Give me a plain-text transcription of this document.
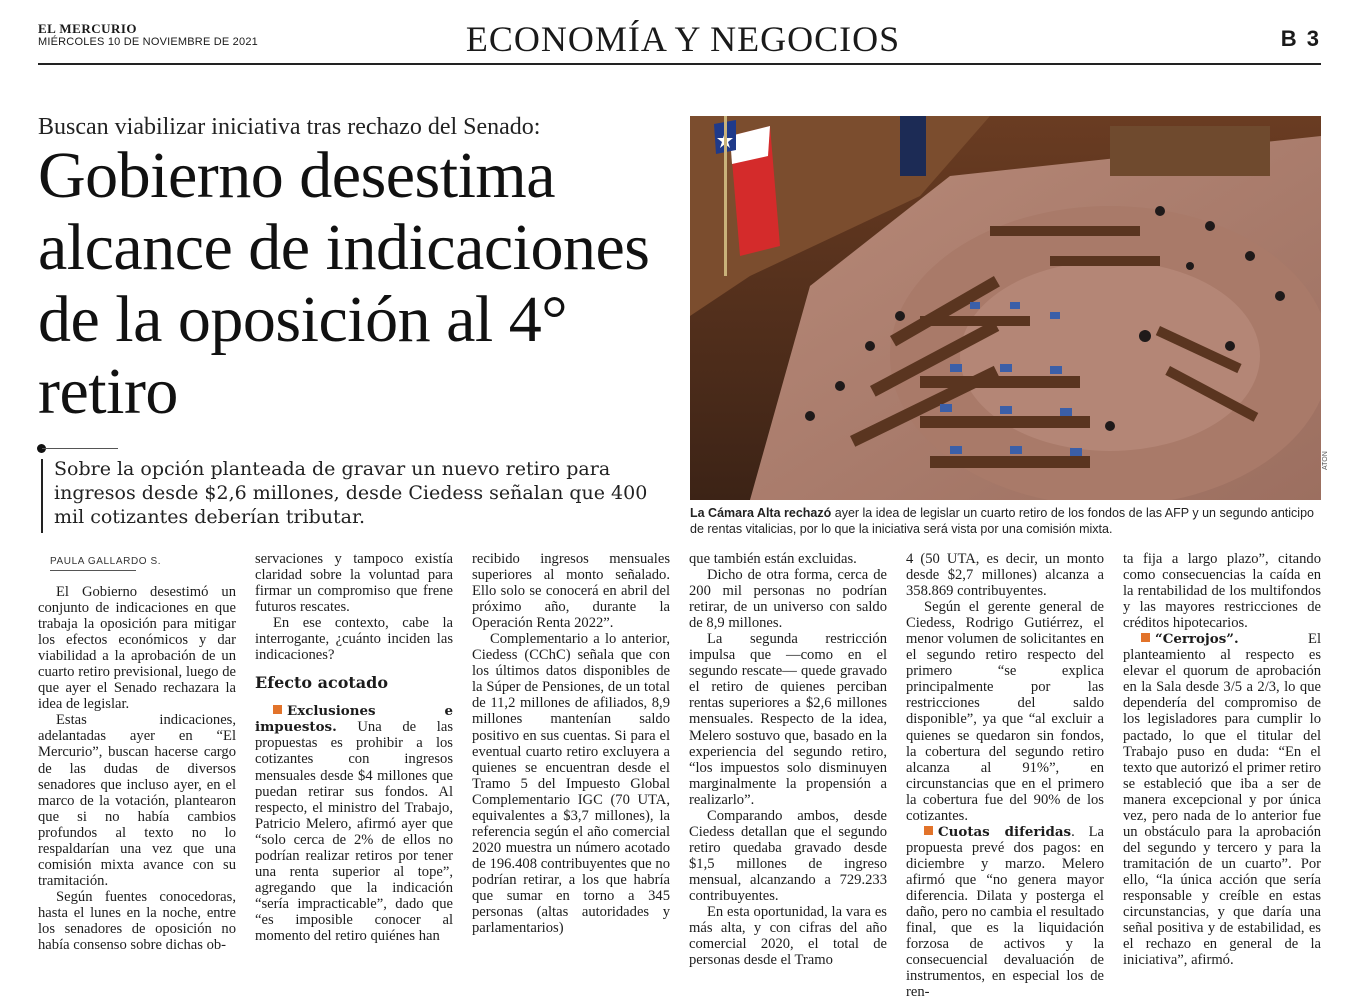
EL MERCURIO
MIÉRCOLES 10 DE NOVIEMBRE DE 2021	ECONOMÍA Y NEGOCIOS	B 3
Buscan viabilizar iniciativa tras rechazo del Senado:
Gobierno desestima alcance de indicaciones de la oposición al 4° retiro
Sobre la opción planteada de gravar un nuevo retiro para ingresos desde $2,6 millones, desde Ciedess señalan que 400 mil cotizantes deberían tributar.
ATON
La Cámara Alta rechazó ayer la idea de legislar un cuarto retiro de los fondos de las AFP y un segundo anticipo de rentas vitalicias, por lo que la iniciativa será vista por una comisión mixta.
PAULA GALLARDO S.

El Gobierno desestimó un conjunto de indicaciones en que trabaja la oposición para mitigar los efectos económicos y dar viabilidad a la aprobación de un cuarto retiro previsional, luego de que ayer el Senado rechazara la idea de legislar.

Estas indicaciones, adelantadas ayer en “El Mercurio”, buscan hacerse cargo de las dudas de diversos senadores que incluso ayer, en el marco de la votación, plantearon que si no había cambios profundos al texto no lo respaldarían una vez que una comisión mixta avance con su tramitación.

Según fuentes conocedoras, hasta el lunes en la noche, entre los senadores de oposición no había consenso sobre dichas ob-

servaciones y tampoco existía claridad sobre la voluntad para firmar un compromiso que frene futuros rescates.

En ese contexto, cabe la interrogante, ¿cuánto inciden las indicaciones?

Efecto acotado

Exclusiones e impuestos. Una de las propuestas es prohibir a los cotizantes con ingresos mensuales desde $4 millones que puedan retirar sus fondos. Al respecto, el ministro del Trabajo, Patricio Melero, afirmó ayer que “solo cerca de 2% de ellos no podrían realizar retiros por tener una renta superior al tope”, agregando que la indicación “sería impracticable”, dado que “es imposible conocer al momento del retiro quiénes han

recibido ingresos mensuales superiores al monto señalado. Ello solo se conocerá en abril del próximo año, durante la Operación Renta 2022”.

Complementario a lo anterior, Ciedess (CChC) señala que con los últimos datos disponibles de la Súper de Pensiones, de un total de 11,2 millones de afiliados, 8,9 millones mantenían saldo positivo en sus cuentas. Si para el eventual cuarto retiro excluyera a quienes se encuentran desde el Tramo 5 del Impuesto Global Complementario IGC (70 UTA, equivalentes a $3,7 millones), la referencia según el año comercial 2020 muestra un número acotado de 196.408 contribuyentes que no podrían retirar, a los que habría que sumar en torno a 345 personas (altas autoridades y parlamentarios)

que también están excluidas.

Dicho de otra forma, cerca de 200 mil personas no podrían retirar, de un universo con saldo de 8,9 millones.

La segunda restricción impulsa que —como en el segundo rescate— quede gravado el retiro de quienes perciban rentas superiores a $2,6 millones mensuales. Respecto de la idea, Melero sostuvo que, basado en la experiencia del segundo retiro, “los impuestos solo disminuyen marginalmente la propensión a realizarlo”.

Comparando ambos, desde Ciedess detallan que el segundo retiro quedaba gravado desde $1,5 millones de ingreso mensual, alcanzando a 729.233 contribuyentes.

En esta oportunidad, la vara es más alta, y con cifras del año comercial 2020, el total de personas desde el Tramo

4 (50 UTA, es decir, un monto desde $2,7 millones) alcanza a 358.869 contribuyentes.

Según el gerente general de Ciedess, Rodrigo Gutiérrez, el menor volumen de solicitantes en el segundo retiro respecto del primero “se explica principalmente por las restricciones del saldo disponible”, ya que “al excluir a quienes se quedaron sin fondos, la cobertura del segundo retiro alcanza al 91%”, en circunstancias que en el primero la cobertura fue del 90% de los cotizantes.

Cuotas diferidas. La propuesta prevé dos pagos: en diciembre y marzo. Melero afirmó que “no genera mayor diferencia. Dilata y posterga el daño, pero no cambia el resultado final, que es la liquidación forzosa de activos y la consecuencial devaluación de instrumentos, en especial los de ren-

ta fija a largo plazo”, citando como consecuencias la caída en la rentabilidad de los multifondos y las mayores restricciones de créditos hipotecarios.

“Cerrojos”. El planteamiento al respecto es elevar el quorum de aprobación en la Sala desde 3/5 a 2/3, lo que dependería del compromiso de los legisladores para cumplir lo pactado, lo que el titular del Trabajo puso en duda: “En el texto que autorizó el primer retiro se estableció que iba a ser de manera excepcional y por única vez, pero nada de lo anterior fue un obstáculo para la aprobación del segundo y tercero y para la tramitación de un cuarto”. Por ello, “la única acción que sería responsable y creíble en estas circunstancias, y que daría una señal positiva y de estabilidad, es el rechazo en general de la iniciativa”, afirmó.
